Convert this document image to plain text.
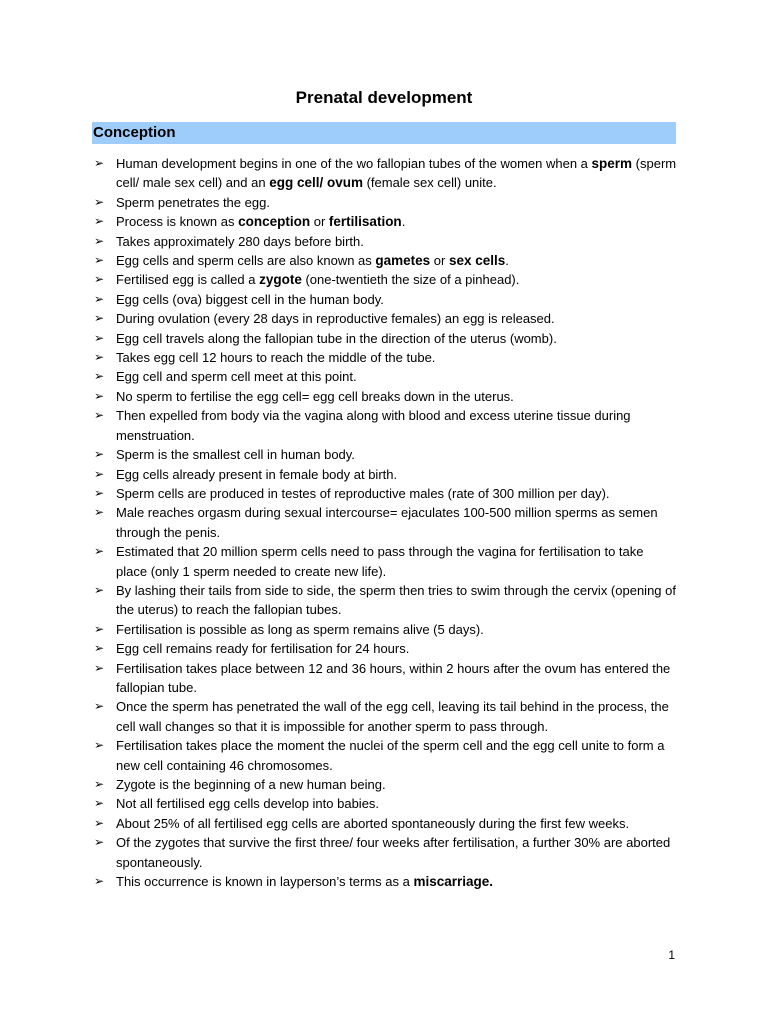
Prenatal development
Conception
➢ Human development begins in one of the wo fallopian tubes of the women when a sperm (sperm cell/ male sex cell) and an egg cell/ ovum (female sex cell) unite.
➢ Sperm penetrates the egg.
➢ Process is known as conception or fertilisation.
➢ Takes approximately 280 days before birth.
➢ Egg cells and sperm cells are also known as gametes or sex cells.
➢ Fertilised egg is called a zygote (one-twentieth the size of a pinhead).
➢ Egg cells (ova) biggest cell in the human body.
➢ During ovulation (every 28 days in reproductive females) an egg is released.
➢ Egg cell travels along the fallopian tube in the direction of the uterus (womb).
➢ Takes egg cell 12 hours to reach the middle of the tube.
➢ Egg cell and sperm cell meet at this point.
➢ No sperm to fertilise the egg cell= egg cell breaks down in the uterus.
➢ Then expelled from body via the vagina along with blood and excess uterine tissue during menstruation.
➢ Sperm is the smallest cell in human body.
➢ Egg cells already present in female body at birth.
➢ Sperm cells are produced in testes of reproductive males (rate of 300 million per day).
➢ Male reaches orgasm during sexual intercourse= ejaculates 100-500 million sperms as semen through the penis.
➢ Estimated that 20 million sperm cells need to pass through the vagina for fertilisation to take place (only 1 sperm needed to create new life).
➢ By lashing their tails from side to side, the sperm then tries to swim through the cervix (opening of the uterus) to reach the fallopian tubes.
➢ Fertilisation is possible as long as sperm remains alive (5 days).
➢ Egg cell remains ready for fertilisation for 24 hours.
➢ Fertilisation takes place between 12 and 36 hours, within 2 hours after the ovum has entered the fallopian tube.
➢ Once the sperm has penetrated the wall of the egg cell, leaving its tail behind in the process, the cell wall changes so that it is impossible for another sperm to pass through.
➢ Fertilisation takes place the moment the nuclei of the sperm cell and the egg cell unite to form a new cell containing 46 chromosomes.
➢ Zygote is the beginning of a new human being.
➢ Not all fertilised egg cells develop into babies.
➢ About 25% of all fertilised egg cells are aborted spontaneously during the first few weeks.
➢ Of the zygotes that survive the first three/ four weeks after fertilisation, a further 30% are aborted spontaneously.
➢ This occurrence is known in layperson’s terms as a miscarriage.
1
